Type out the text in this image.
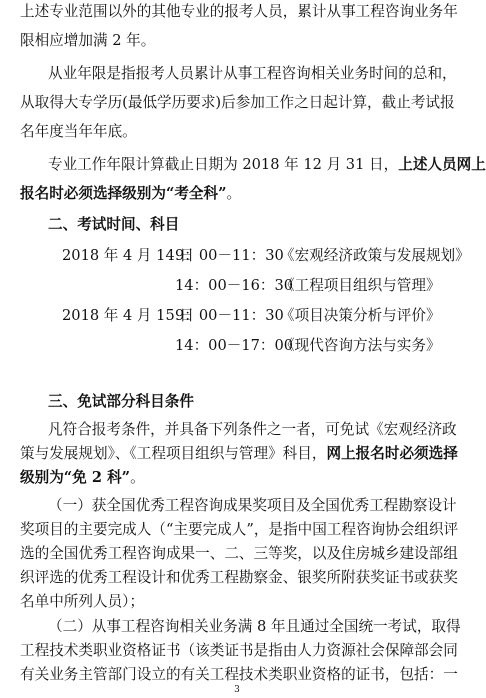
上述专业范围以外的其他专业的报考人员，累计从事工程咨询业务年
限相应增加满 2 年。
从业年限是指报考人员累计从事工程咨询相关业务时间的总和，
从取得大专学历(最低学历要求)后参加工作之日起计算，截止考试报
名年度当年年底。
专业工作年限计算截止日期为 2018 年 12 月 31 日，上述人员网上
报名时必须选择级别为“考全科”。
二、考试时间、科目
2018 年 4 月 14 日
9：00－11：30
《宏观经济政策与发展规划》
14：00－16：30
《工程项目组织与管理》
2018 年 4 月 15 日
9：00－11：30
《项目决策分析与评价》
14：00－17：00
《现代咨询方法与实务》
三、免试部分科目条件
凡符合报考条件，并具备下列条件之一者，可免试《宏观经济政
策与发展规划》、《工程项目组织与管理》科目，网上报名时必须选择
级别为“免 2 科”。
（一）获全国优秀工程咨询成果奖项目及全国优秀工程勘察设计
奖项目的主要完成人（“主要完成人”，是指中国工程咨询协会组织评
选的全国优秀工程咨询成果一、二、三等奖，以及住房城乡建设部组
织评选的优秀工程设计和优秀工程勘察金、银奖所附获奖证书或获奖
名单中所列人员）；
（二）从事工程咨询相关业务满 8 年且通过全国统一考试，取得
工程技术类职业资格证书（该类证书是指由人力资源社会保障部会同
3
有关业务主管部门设立的有关工程技术类职业资格的证书，包括：一
